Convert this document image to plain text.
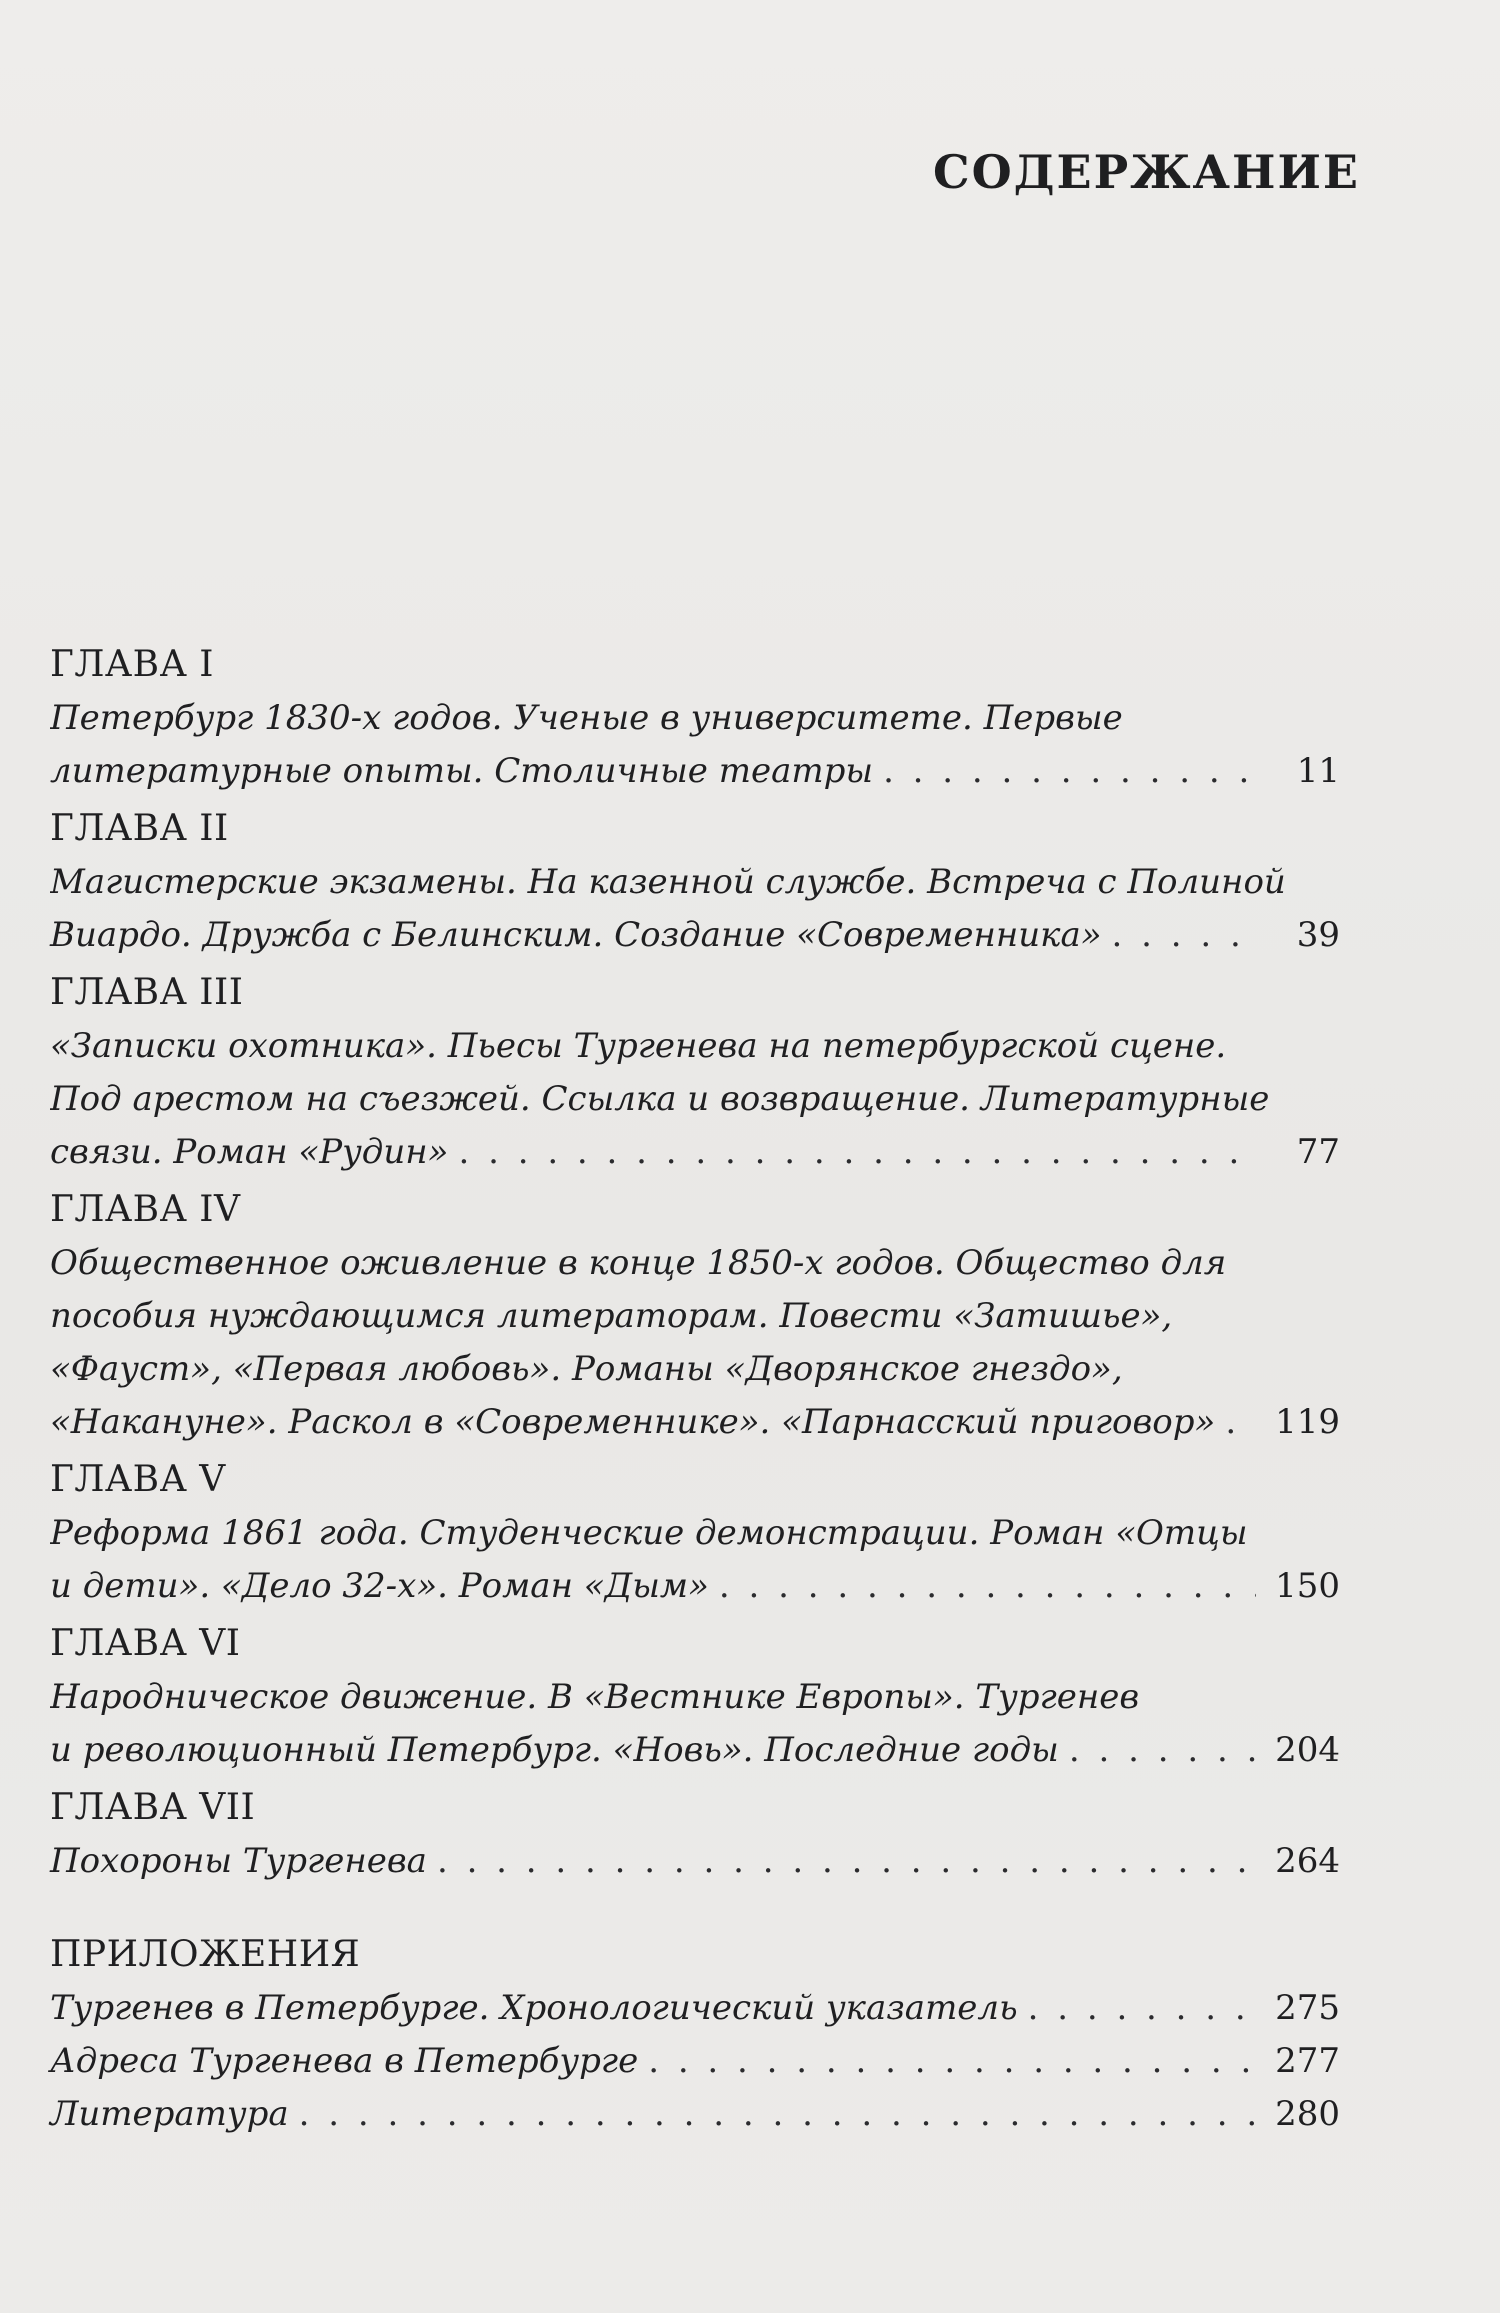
СОДЕРЖАНИЕ
ГЛАВА I
Петербург 1830-х годов. Ученые в университете. Первые
литературные опыты. Столичные театры . . .	11
ГЛАВА II
Магистерские экзамены. На казенной службе. Встреча с Полиной
Виардо. Дружба с Белинским. Создание «Современника» . . .	39
ГЛАВА III
«Записки охотника». Пьесы Тургенева на петербургской сцене.
Под арестом на съезжей. Ссылка и возвращение. Литературные
связи. Роман «Рудин» . . .	77
ГЛАВА IV
Общественное оживление в конце 1850-х годов. Общество для
пособия нуждающимся литераторам. Повести «Затишье»,
«Фауст», «Первая любовь». Романы «Дворянское гнездо»,
«Накануне». Раскол в «Современнике». «Парнасский приговор» . . . 119
ГЛАВА V
Реформа 1861 года. Студенческие демонстрации. Роман «Отцы
и дети». «Дело 32-х». Роман «Дым» . . .	150
ГЛАВА VI
Народническое движение. В «Вестнике Европы». Тургенев
и революционный Петербург. «Новь». Последние годы . . .	204
ГЛАВА VII
Похороны Тургенева . . .	264
ПРИЛОЖЕНИЯ
Тургенев в Петербурге. Хронологический указатель . . .	275
Адреса Тургенева в Петербурге . . .	277
Литература . . .	280
